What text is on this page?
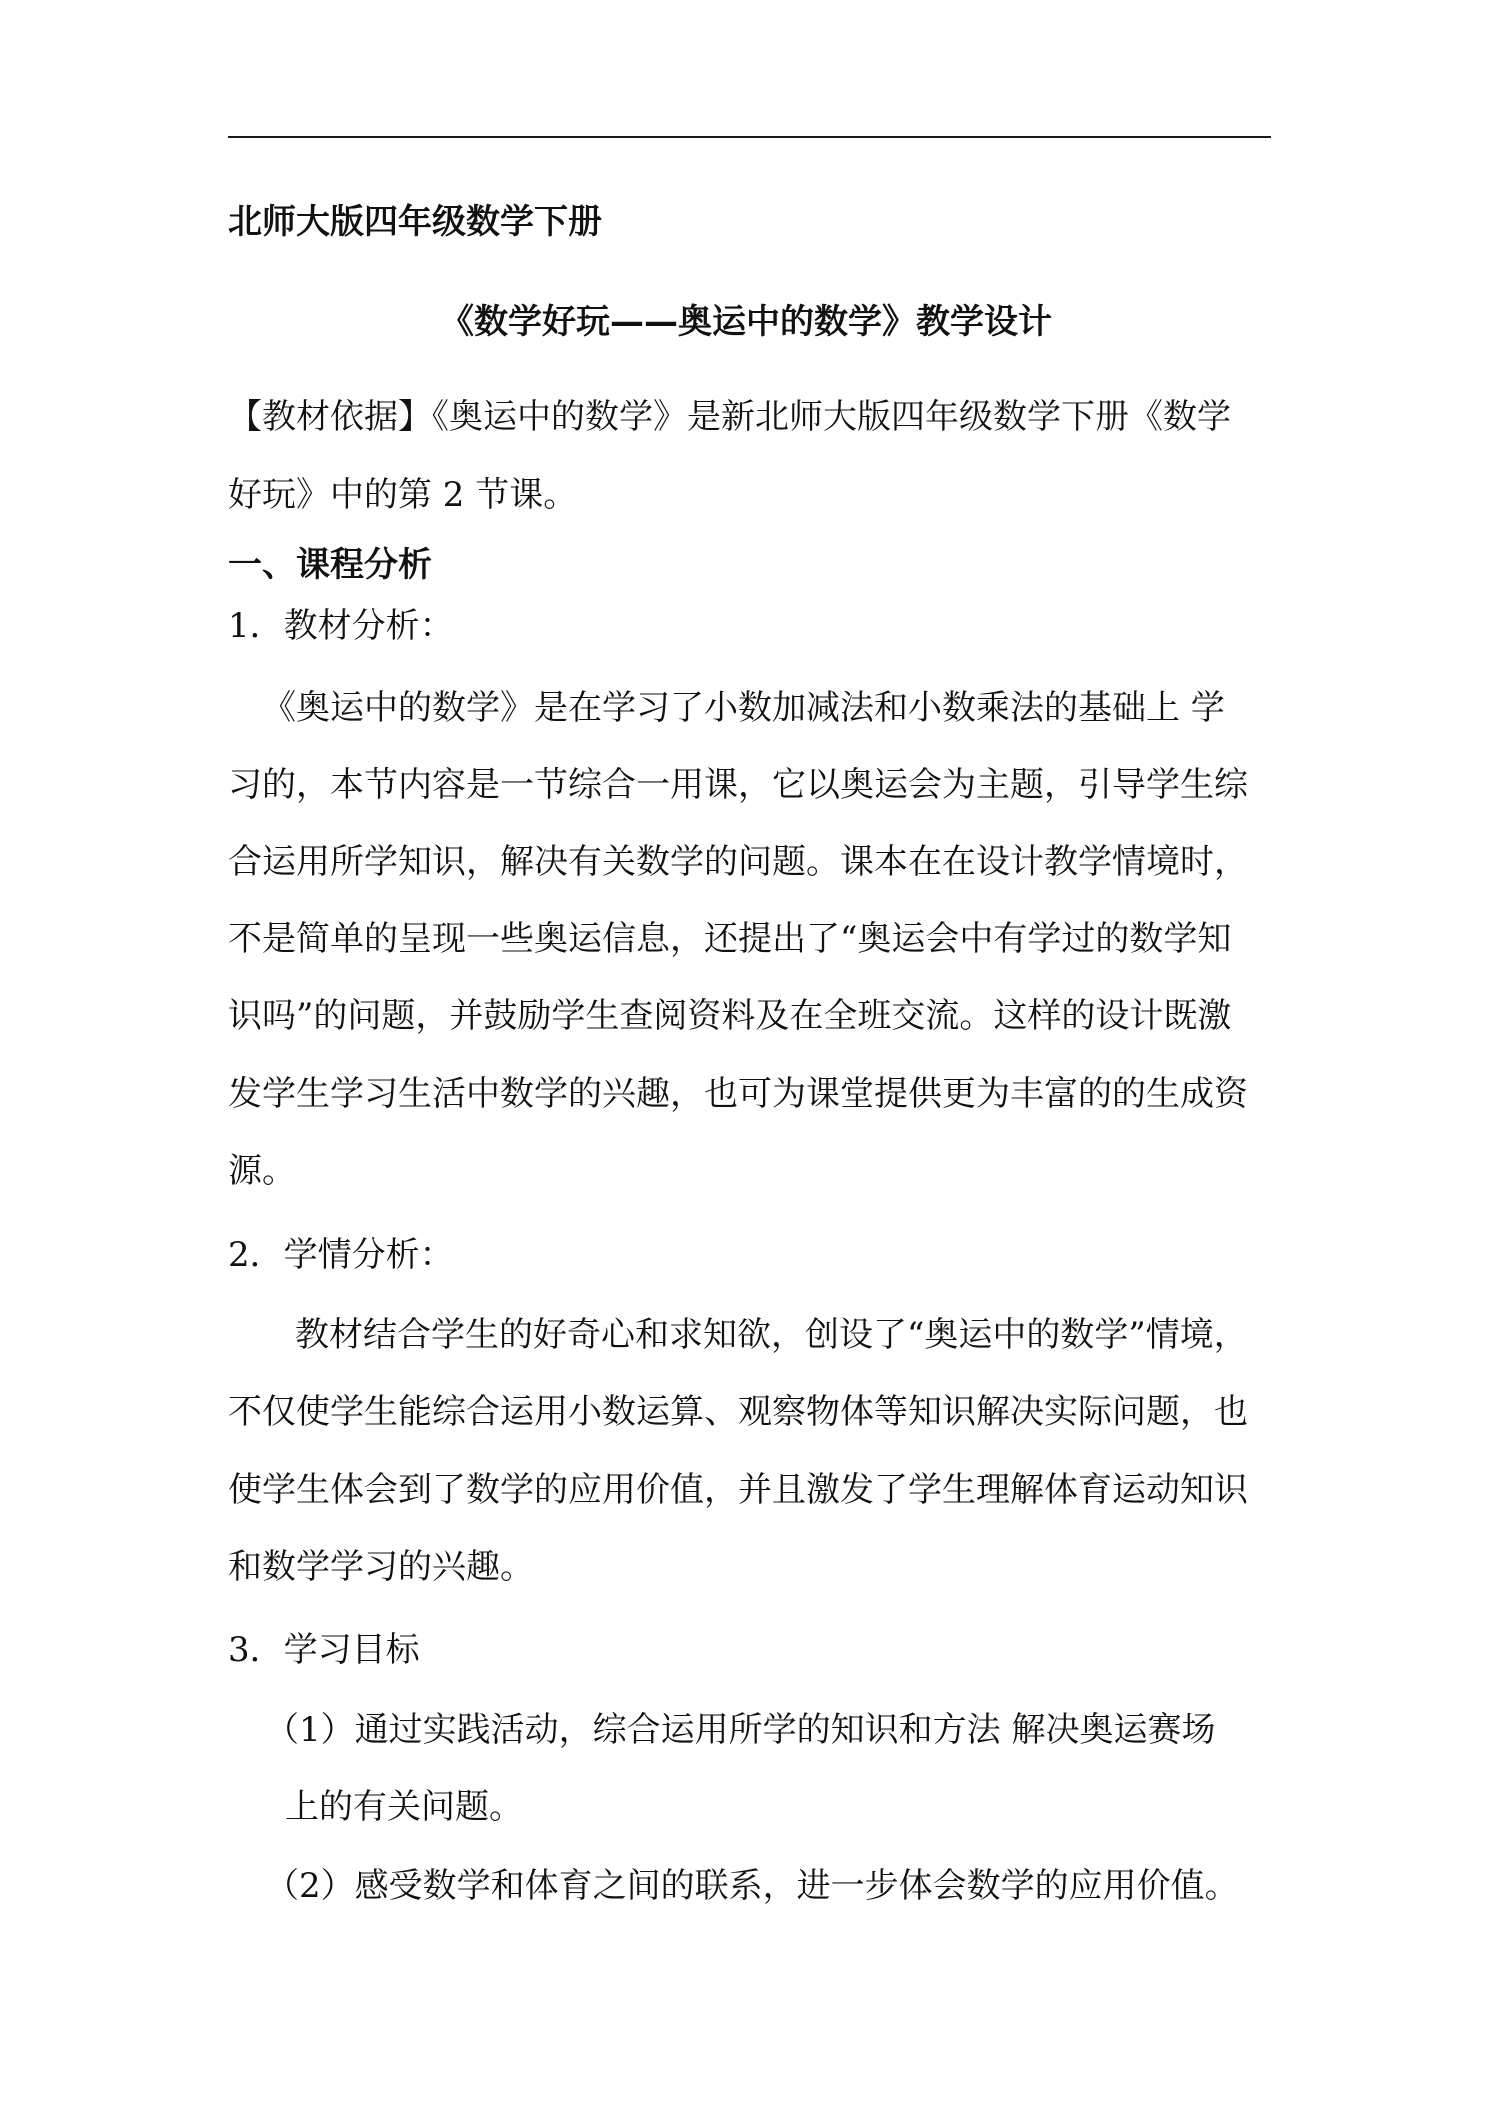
北师大版四年级数学下册
《数学好玩——奥运中的数学》教学设计
【教材依据】《奥运中的数学》是新北师大版四年级数学下册《数学
好玩》中的第 2 节课。
一、课程分析
1．教材分析：
《奥运中的数学》是在学习了小数加减法和小数乘法的基础上 学
习的，本节内容是一节综合一用课，它以奥运会为主题，引导学生综
合运用所学知识，解决有关数学的问题。课本在在设计教学情境时，
不是简单的呈现一些奥运信息，还提出了“奥运会中有学过的数学知
识吗”的问题，并鼓励学生查阅资料及在全班交流。这样的设计既激
发学生学习生活中数学的兴趣，也可为课堂提供更为丰富的的生成资
源。
2．学情分析：
教材结合学生的好奇心和求知欲，创设了“奥运中的数学”情境，
不仅使学生能综合运用小数运算、观察物体等知识解决实际问题，也
使学生体会到了数学的应用价值，并且激发了学生理解体育运动知识
和数学学习的兴趣。
3．学习目标
（1）通过实践活动，综合运用所学的知识和方法 解决奥运赛场
上的有关问题。
（2）感受数学和体育之间的联系，进一步体会数学的应用价值。
